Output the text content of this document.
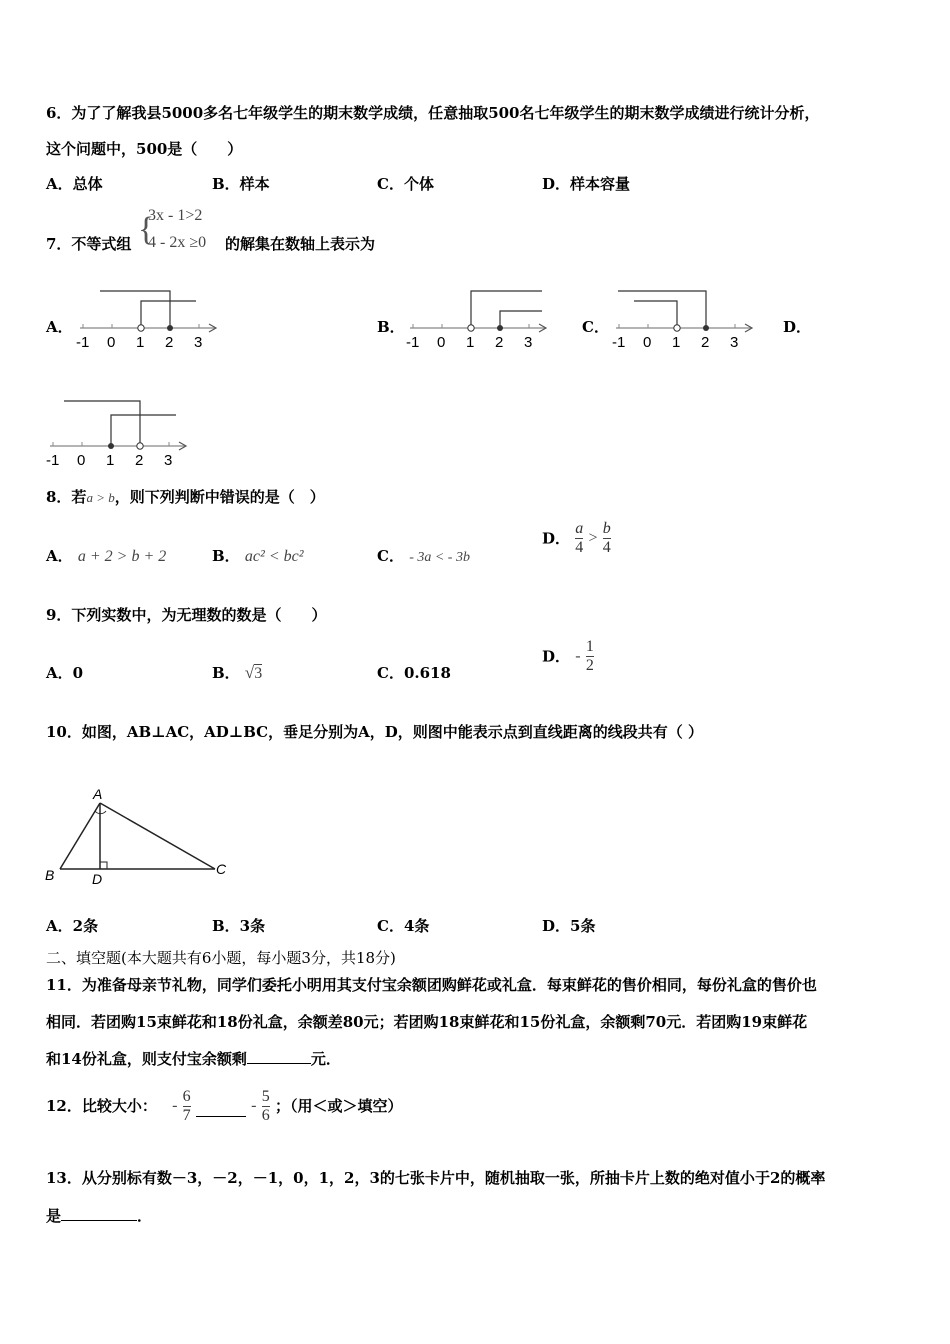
6．为了了解我县5000多名七年级学生的期末数学成绩，任意抽取500名七年级学生的期末数学成绩进行统计分析，
这个问题中，500是（　　）
A．总体	B．样本	C．个体	D．样本容量
7．不等式组 {
3x - 1>2
4 - 2x ≥0 的解集在数轴上表示为
A．	B．	C．	D．
-1 0 1 2 3	-1 0 1 2 3	-1 0 1 2 3
-1 0 1 2 3
8．若a > b，则下列判断中错误的是（　）
A． a + 2 > b + 2	B． ac² < bc²	C． - 3a < - 3b
D． $\frac{a}{4} > \frac{b}{4}$
9．下列实数中，为无理数的数是（　　）
A．0	B． √3	C．0.618
D． - $\frac{1}{2}$
10．如图，AB⊥AC，AD⊥BC，垂足分别为A，D，则图中能表示点到直线距离的线段共有（ ）
A
B	C
D
A．2条	B．3条	C．4条	D．5条
二、填空题(本大题共有6小题，每小题3分，共18分)
11．为准备母亲节礼物，同学们委托小明用其支付宝余额团购鲜花或礼盒．每束鲜花的售价相同，每份礼盒的售价也
相同．若团购15束鲜花和18份礼盒，余额差80元；若团购18束鲜花和15份礼盒，余额剩70元．若团购19束鲜花
和14份礼盒，则支付宝余额剩	元．
12．比较大小： - $\frac{6}{7}$	- $\frac{5}{6}$ ；（用＜或＞填空）
13．从分别标有数－3，－2，－1，0，1，2，3的七张卡片中，随机抽取一张，所抽卡片上数的绝对值小于2的概率
是	．
